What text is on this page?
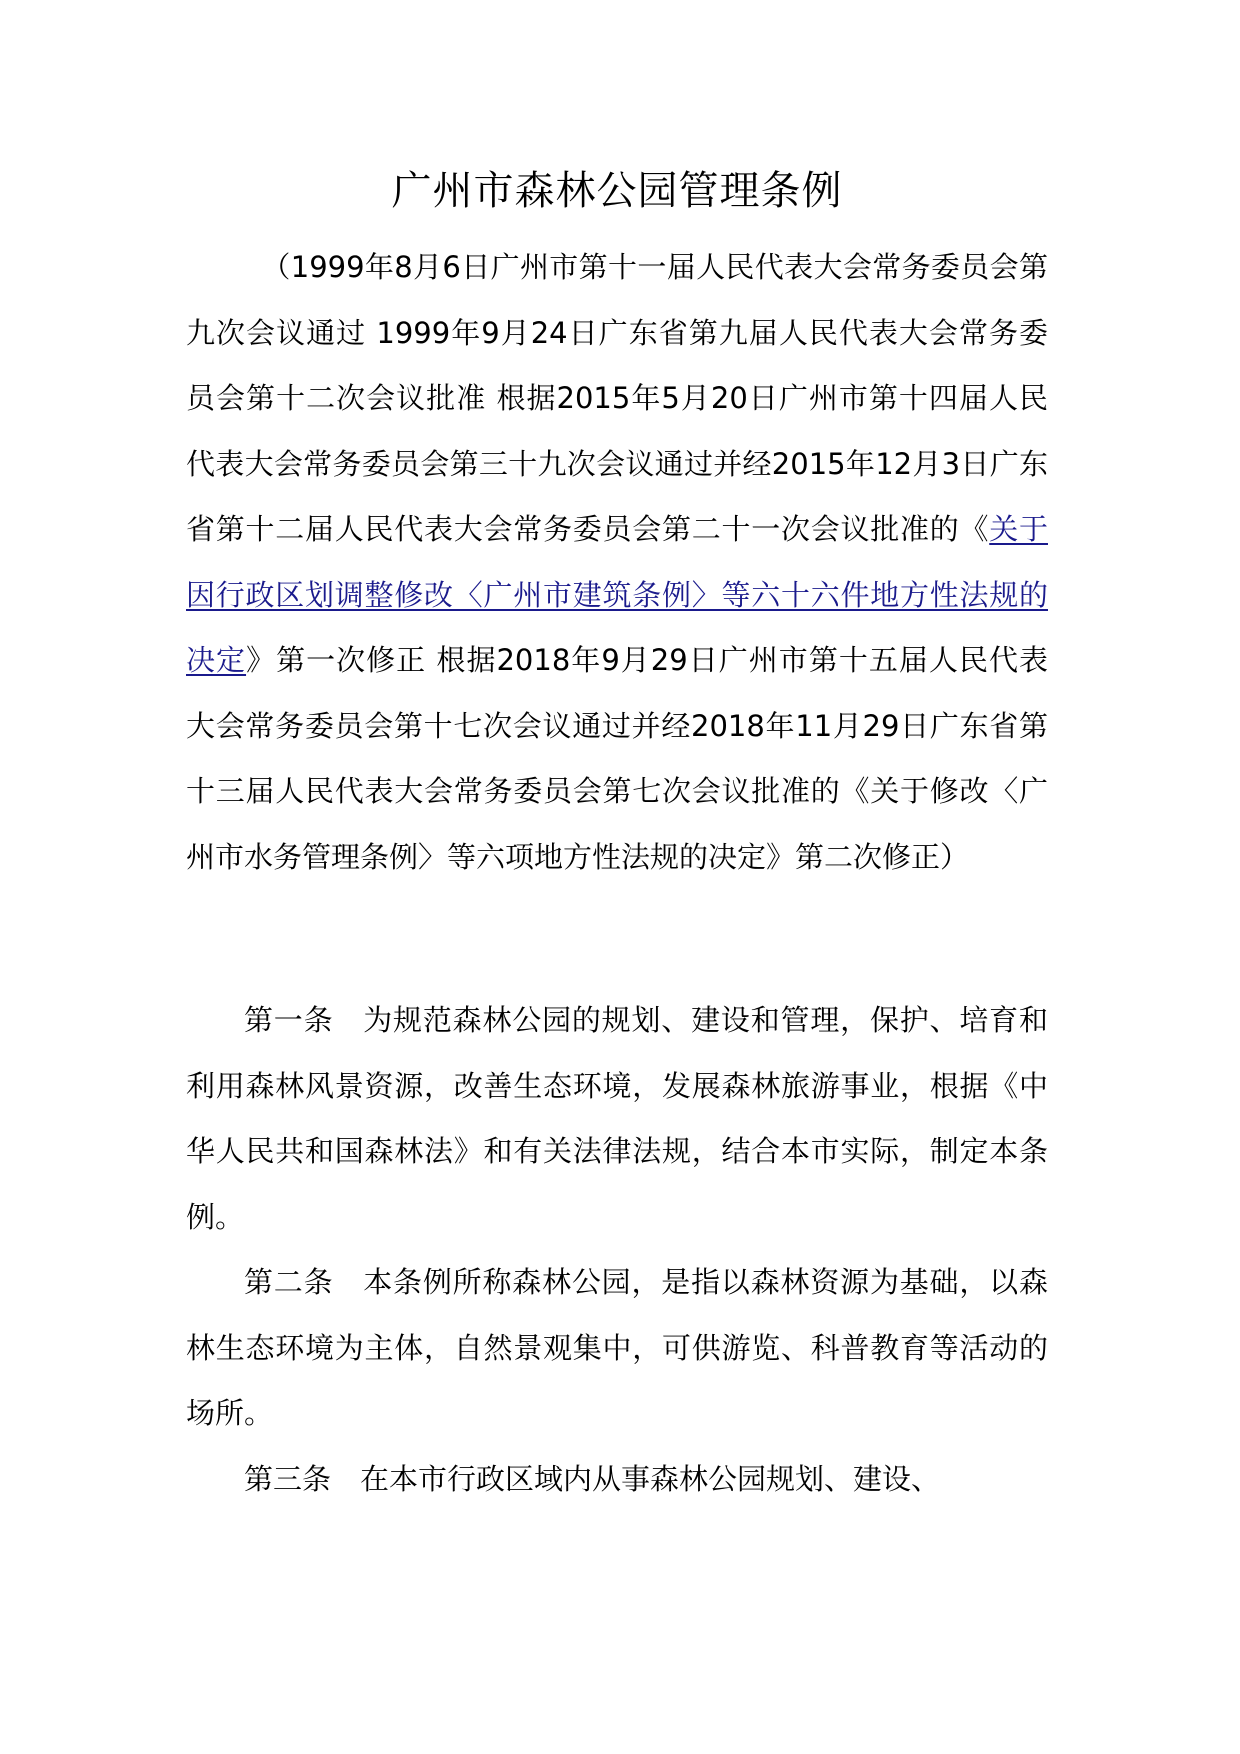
广州市森林公园管理条例

（1999年8月6日广州市第十一届人民代表大会常务委员会第九次会议通过 1999年9月24日广东省第九届人民代表大会常务委员会第十二次会议批准 根据2015年5月20日广州市第十四届人民代表大会常务委员会第三十九次会议通过并经2015年12月3日广东省第十二届人民代表大会常务委员会第二十一次会议批准的《关于因行政区划调整修改〈广州市建筑条例〉等六十六件地方性法规的决定》第一次修正 根据2018年9月29日广州市第十五届人民代表大会常务委员会第十七次会议通过并经2018年11月29日广东省第十三届人民代表大会常务委员会第七次会议批准的《关于修改〈广州市水务管理条例〉等六项地方性法规的决定》第二次修正）

第一条  为规范森林公园的规划、建设和管理，保护、培育和利用森林风景资源，改善生态环境，发展森林旅游事业，根据《中华人民共和国森林法》和有关法律法规，结合本市实际，制定本条例。

第二条  本条例所称森林公园，是指以森林资源为基础，以森林生态环境为主体，自然景观集中，可供游览、科普教育等活动的场所。

第三条  在本市行政区域内从事森林公园规划、建设、
